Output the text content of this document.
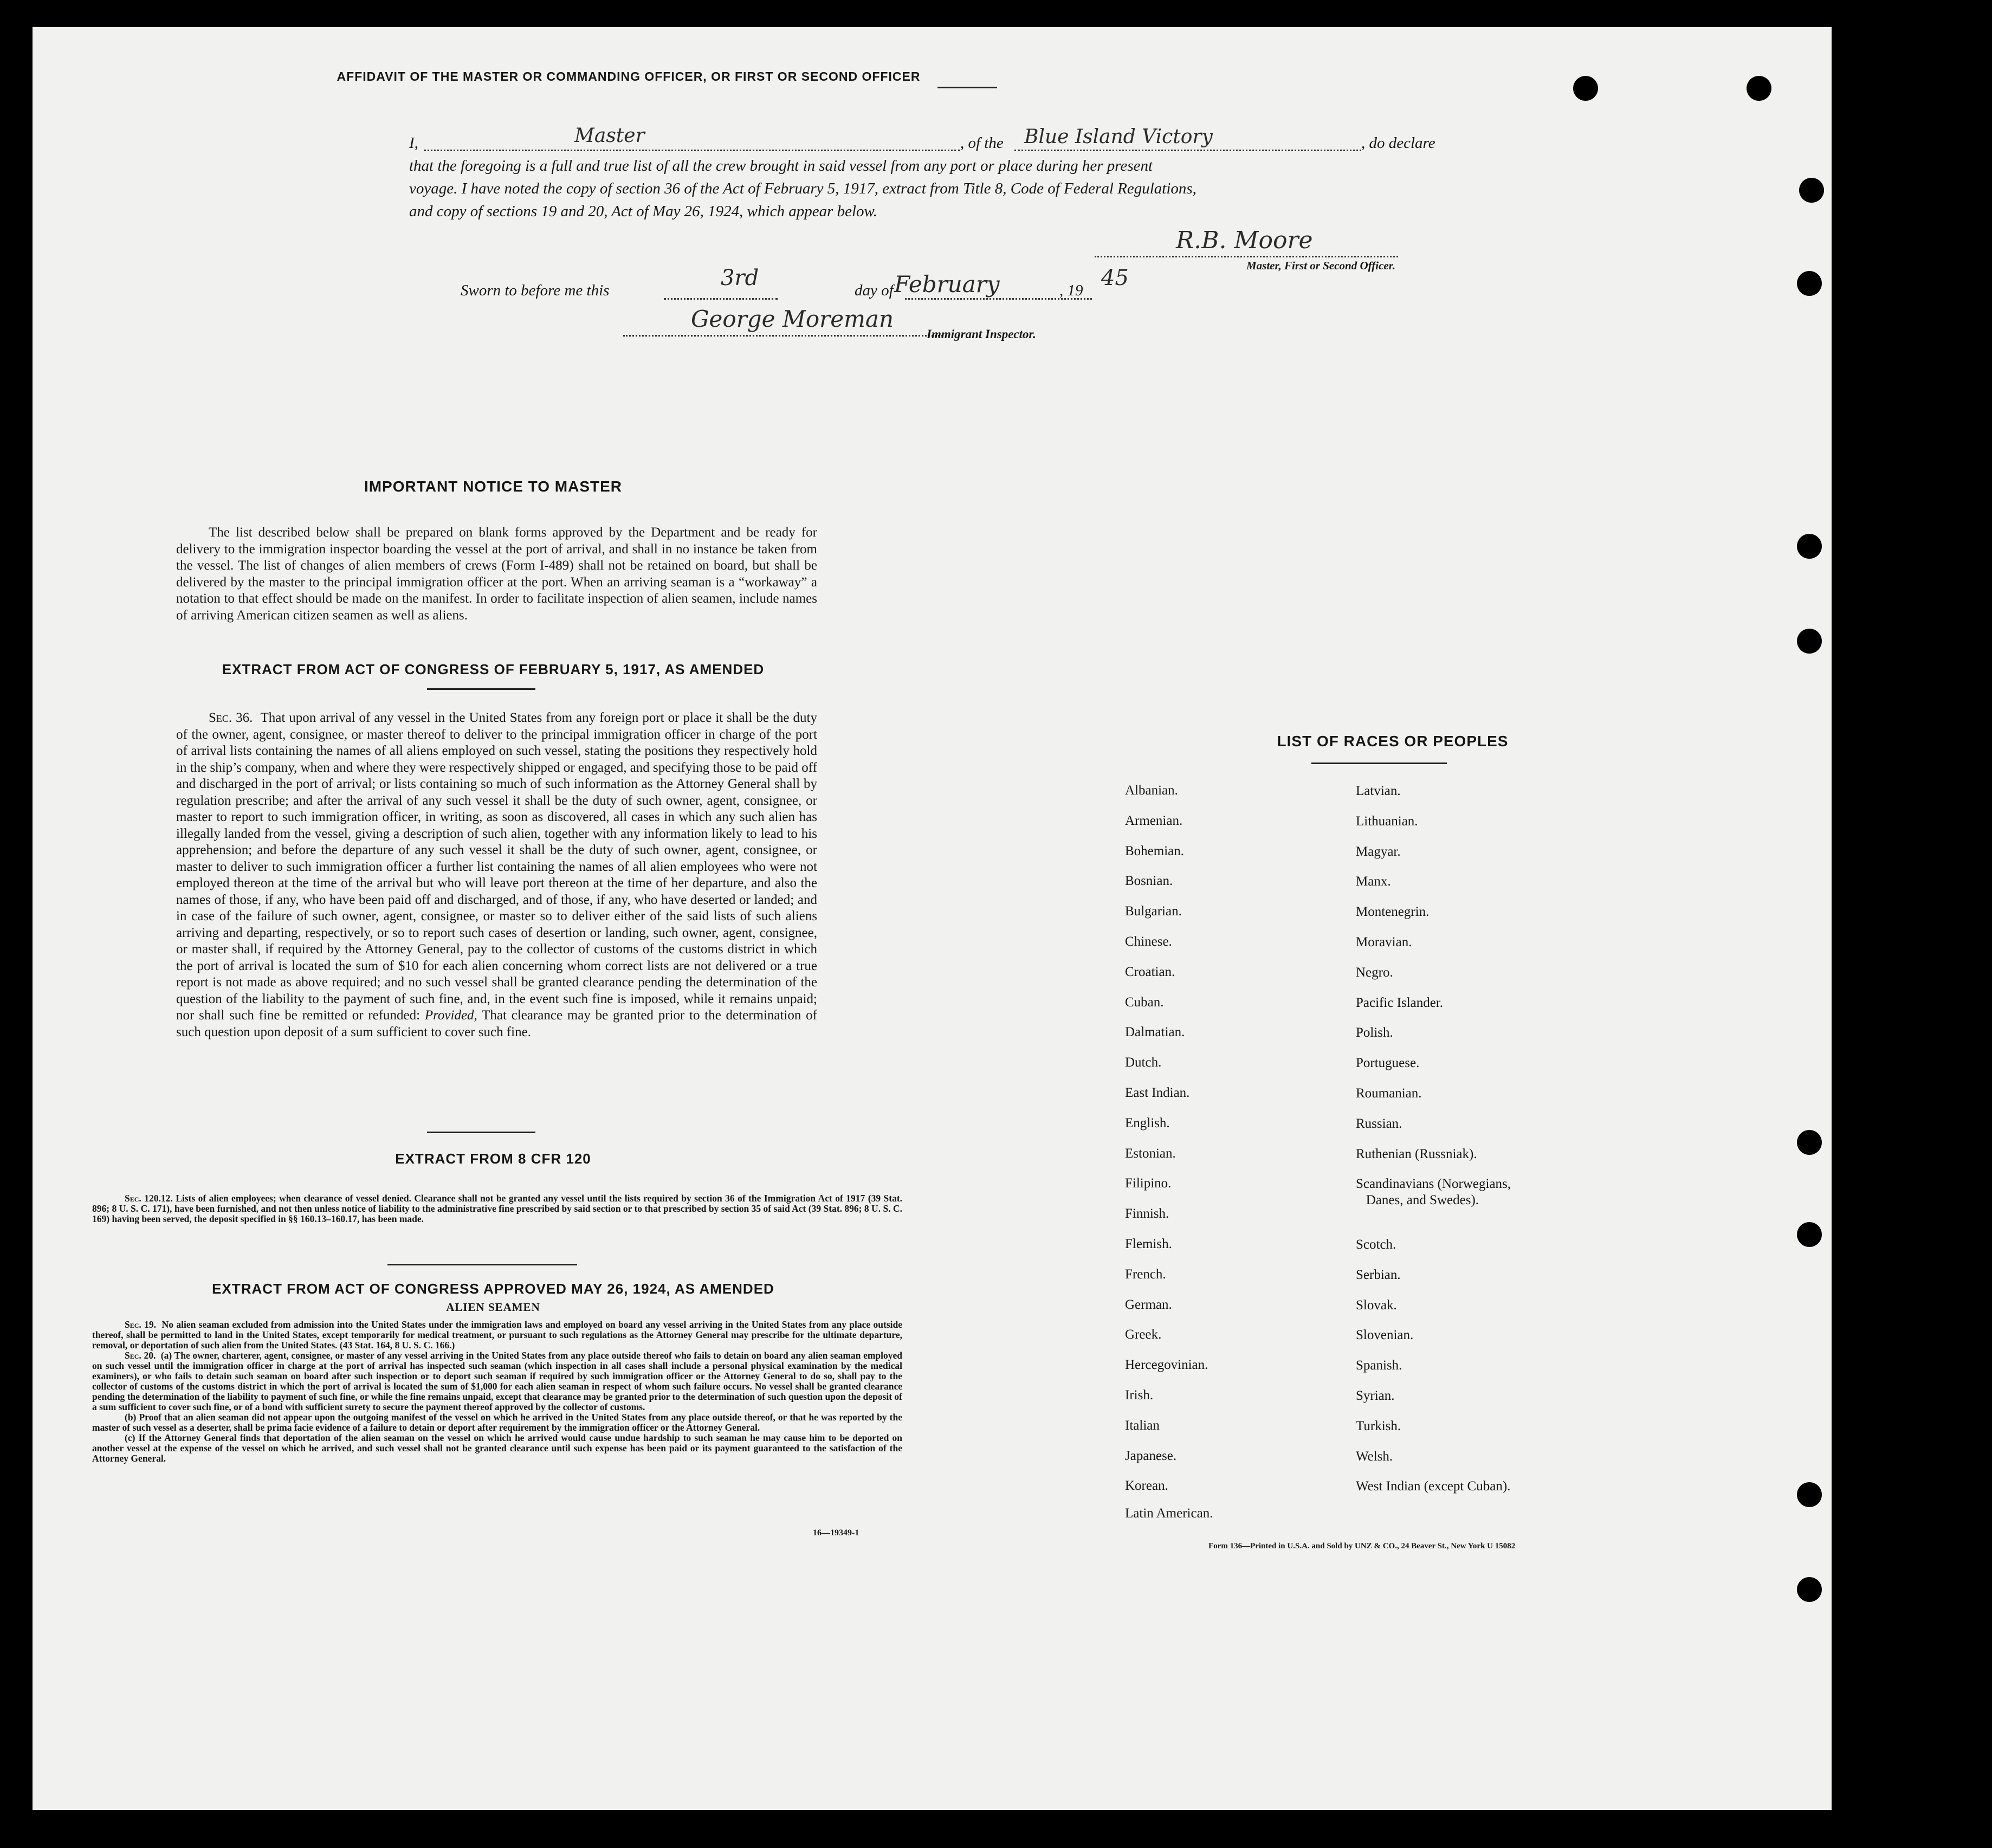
AFFIDAVIT OF THE MASTER OR COMMANDING OFFICER, OR FIRST OR SECOND OFFICER
I,	Master	, of the Blue Island Victory	, do declare
that the foregoing is a full and true list of all the crew brought in said vessel from any port or place during her present
voyage. I have noted the copy of section 36 of the Act of February 5, 1917, extract from Title 8, Code of Federal Regulations,
and copy of sections 19 and 20, Act of May 26, 1924, which appear below.
R.B. Moore
Master, First or Second Officer.
Sworn to before me this	3rd	day of February	, 19 45
George Moreman
Immigrant Inspector.
IMPORTANT NOTICE TO MASTER
The list described below shall be prepared on blank forms approved by the Department and be ready for delivery to the immigration inspector boarding the vessel at the port of arrival, and shall in no instance be taken from the vessel. The list of changes of alien members of crews (Form I-489) shall not be retained on board, but shall be delivered by the master to the principal immigration officer at the port. When an arriving seaman is a “workaway” a notation to that effect should be made on the manifest. In order to facilitate inspection of alien seamen, include names of arriving American citizen seamen as well as aliens.
EXTRACT FROM ACT OF CONGRESS OF FEBRUARY 5, 1917, AS AMENDED
Sec. 36. That upon arrival of any vessel in the United States from any foreign port or place it shall be the duty of the owner, agent, consignee, or master thereof to deliver to the principal immigration officer in charge of the port of arrival lists containing the names of all aliens employed on such vessel, stating the positions they respectively hold in the ship’s company, when and where they were respectively shipped or engaged, and specifying those to be paid off and discharged in the port of arrival; or lists containing so much of such information as the Attorney General shall by regulation prescribe; and after the arrival of any such vessel it shall be the duty of such owner, agent, consignee, or master to report to such immigration officer, in writing, as soon as discovered, all cases in which any such alien has illegally landed from the vessel, giving a description of such alien, together with any information likely to lead to his apprehension; and before the departure of any such vessel it shall be the duty of such owner, agent, consignee, or master to deliver to such immigration officer a further list containing the names of all alien employees who were not employed thereon at the time of the arrival but who will leave port thereon at the time of her departure, and also the names of those, if any, who have been paid off and discharged, and of those, if any, who have deserted or landed; and in case of the failure of such owner, agent, consignee, or master so to deliver either of the said lists of such aliens arriving and departing, respectively, or so to report such cases of desertion or landing, such owner, agent, consignee, or master shall, if required by the Attorney General, pay to the collector of customs of the customs district in which the port of arrival is located the sum of $10 for each alien concerning whom correct lists are not delivered or a true report is not made as above required; and no such vessel shall be granted clearance pending the determination of the question of the liability to the payment of such fine, and, in the event such fine is imposed, while it remains unpaid; nor shall such fine be remitted or refunded: Provided, That clearance may be granted prior to the determination of such question upon deposit of a sum sufficient to cover such fine.
EXTRACT FROM 8 CFR 120
Sec. 120.12. Lists of alien employees; when clearance of vessel denied. Clearance shall not be granted any vessel until the lists required by section 36 of the Immigration Act of 1917 (39 Stat. 896; 8 U. S. C. 171), have been furnished, and not then unless notice of liability to the administrative fine prescribed by said section or to that prescribed by section 35 of said Act (39 Stat. 896; 8 U. S. C. 169) having been served, the deposit specified in §§ 160.13–160.17, has been made.
EXTRACT FROM ACT OF CONGRESS APPROVED MAY 26, 1924, AS AMENDED
ALIEN SEAMEN
Sec. 19. No alien seaman excluded from admission into the United States under the immigration laws and employed on board any vessel arriving in the United States from any place outside thereof, shall be permitted to land in the United States, except temporarily for medical treatment, or pursuant to such regulations as the Attorney General may prescribe for the ultimate departure, removal, or deportation of such alien from the United States. (43 Stat. 164, 8 U. S. C. 166.)
Sec. 20. (a) The owner, charterer, agent, consignee, or master of any vessel arriving in the United States from any place outside thereof who fails to detain on board any alien seaman employed on such vessel until the immigration officer in charge at the port of arrival has inspected such seaman (which inspection in all cases shall include a personal physical examination by the medical examiners), or who fails to detain such seaman on board after such inspection or to deport such seaman if required by such immigration officer or the Attorney General to do so, shall pay to the collector of customs of the customs district in which the port of arrival is located the sum of $1,000 for each alien seaman in respect of whom such failure occurs. No vessel shall be granted clearance pending the determination of the liability to payment of such fine, or while the fine remains unpaid, except that clearance may be granted prior to the determination of such question upon the deposit of a sum sufficient to cover such fine, or of a bond with sufficient surety to secure the payment thereof approved by the collector of customs.
(b) Proof that an alien seaman did not appear upon the outgoing manifest of the vessel on which he arrived in the United States from any place outside thereof, or that he was reported by the master of such vessel as a deserter, shall be prima facie evidence of a failure to detain or deport after requirement by the immigration officer or the Attorney General.
(c) If the Attorney General finds that deportation of the alien seaman on the vessel on which he arrived would cause undue hardship to such seaman he may cause him to be deported on another vessel at the expense of the vessel on which he arrived, and such vessel shall not be granted clearance until such expense has been paid or its payment guaranteed to the satisfaction of the Attorney General.
16—19349-1
LIST OF RACES OR PEOPLES
Form 136—Printed in U.S.A. and Sold by UNZ & CO., 24 Beaver St., New York U 15082
Albanian.
Armenian.
Bohemian.
Bosnian.
Bulgarian.
Chinese.
Croatian.
Cuban.
Dalmatian.
Dutch.
East Indian.
English.
Estonian.
Filipino.
Finnish.
Flemish.
French.
German.
Greek.
Hercegovinian.
Irish.
Italian
Japanese.
Korean.
Latin American.
Latvian.
Lithuanian.
Magyar.
Manx.
Montenegrin.
Moravian.
Negro.
Pacific Islander.
Polish.
Portuguese.
Roumanian.
Russian.
Ruthenian (Russniak).
Scandinavians (Norwegians,
Danes, and Swedes).
Scotch.
Serbian.
Slovak.
Slovenian.
Spanish.
Syrian.
Turkish.
Welsh.
West Indian (except Cuban).
